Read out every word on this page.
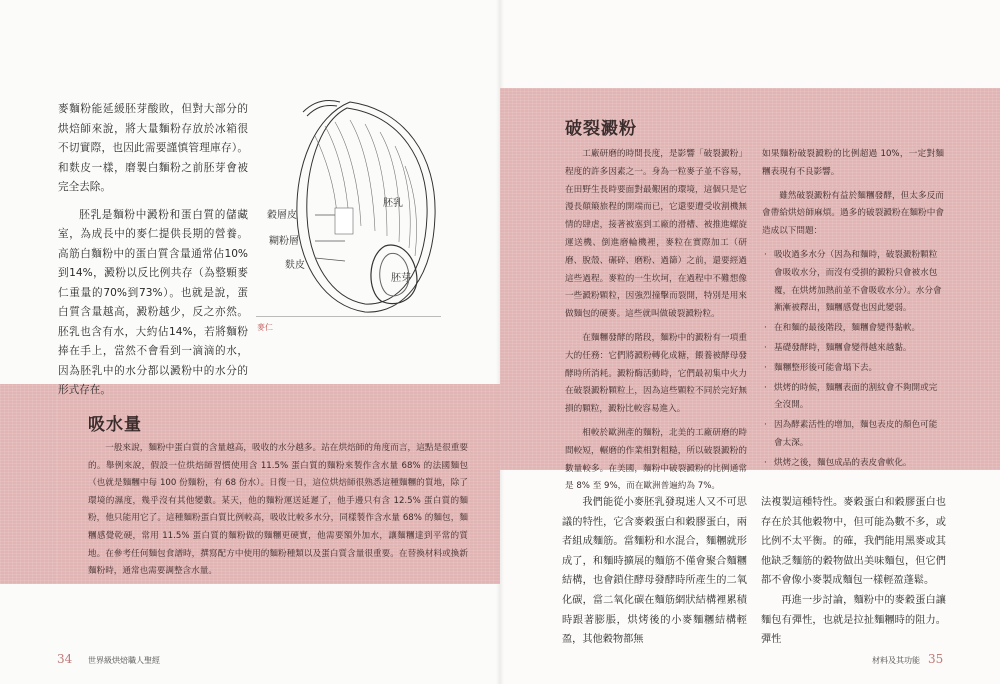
麥麵粉能延緩胚芽酸敗，但對大部分的烘焙師來說，將大量麵粉存放於冰箱很不切實際，也因此需要謹慎管理庫存）。和麩皮一樣，磨製白麵粉之前胚芽會被完全去除。

胚乳是麵粉中澱粉和蛋白質的儲藏室，為成長中的麥仁提供長期的營養。高筋白麵粉中的蛋白質含量通常佔10%到14%，澱粉以反比例共存（為整顆麥仁重量的70%到73%）。也就是說，蛋白質含量越高，澱粉越少，反之亦然。胚乳也含有水，大約佔14%，若將麵粉捧在手上，當然不會看到一滴滴的水，因為胚乳中的水分都以澱粉中的水分的形式存在。

穀層皮
糊粉層
麩皮
胚乳
胚芽
麥仁
吸水量

一般來說，麵粉中蛋白質的含量越高，吸收的水分越多。站在烘焙師的角度而言，這點是很重要的。舉例來說，假設一位烘焙師習慣使用含 11.5% 蛋白質的麵粉來製作含水量 68% 的法國麵包（也就是麵糰中每 100 份麵粉，有 68 份水）。日復一日，這位烘焙師很熟悉這種麵糰的質地，除了環境的濕度，幾乎沒有其他變數。某天，他的麵粉運送延遲了，他手邊只有含 12.5% 蛋白質的麵粉，他只能用它了。這種麵粉蛋白質比例較高，吸收比較多水分，同樣製作含水量 68% 的麵包，麵糰感覺乾硬，常用 11.5% 蛋白質的麵粉做的麵糰更硬實，他需要額外加水，讓麵糰達到平常的質地。在參考任何麵包食譜時，撰寫配方中使用的麵粉種類以及蛋白質含量很重要。在替換材料或換新麵粉時，通常也需要調整含水量。

破裂澱粉

工廠研磨的時間長度，是影響「破裂澱粉」程度的許多因素之一。身為一粒麥子並不容易，在田野生長時要面對最艱困的環境，這個只是它漫長顛簸旅程的開端而已，它還要遭受收割機無情的肆虐，接著被塞到工廠的滑槽、被推進螺旋運送機、倒進磨輪機裡，麥粒在實際加工（研磨、脫殼、碾碎、磨粉、過篩）之前，還要經過這些過程。麥粒的一生坎坷，在過程中不難想像一些澱粉顆粒，因強烈撞擊而裂開，特別是用來做麵包的硬麥。這些就叫做破裂澱粉粒。

在麵糰發酵的階段，麵粉中的澱粉有一項重大的任務：它們將澱粉轉化成糖，餵養被酵母發酵時所消耗。澱粉酶活動時，它們最初集中火力在破裂澱粉顆粒上，因為這些顆粒不同於完好無損的顆粒，澱粉比較容易進入。

相較於歐洲產的麵粉，北美的工廠研磨的時間較短，輾磨的作業相對粗糙，所以破裂澱粉的數量較多。在美國，麵粉中破裂澱粉的比例通常是 8% 至 9%，而在歐洲普遍約為 7%。

如果麵粉破裂澱粉的比例超過 10%，一定對麵糰表現有不良影響。

雖然破裂澱粉有益於麵糰發酵，但太多反而會帶給烘焙師麻煩。過多的破裂澱粉在麵粉中會造成以下問題：

· 吸收過多水分（因為和麵時，破裂澱粉顆粒會吸收水分，而沒有受損的澱粉只會被水包覆，在烘烤加熱前並不會吸收水分）。水分會漸漸被釋出，麵糰感覺也因此變弱。
· 在和麵的最後階段，麵糰會變得黏軟。
· 基礎發酵時，麵糰會變得越來越黏。
· 麵糰整形後可能會塌下去。
· 烘烤的時候，麵糰表面的割紋會不夠開或完全沒開。
· 因為酵素活性的增加，麵包表皮的顏色可能會太深。
· 烘烤之後，麵包成品的表皮會軟化。

我們能從小麥胚乳發現迷人又不可思議的特性，它含麥穀蛋白和穀膠蛋白，兩者組成麵筋。當麵粉和水混合，麵糰就形成了，和麵時擴展的麵筋不僅會聚合麵糰結構，也會鎖住酵母發酵時所產生的二氧化碳，當二氧化碳在麵筋網狀結構裡累積時跟著膨脹，烘烤後的小麥麵糰結構輕盈，其他穀物都無

法複製這種特性。麥穀蛋白和穀膠蛋白也存在於其他穀物中，但可能為數不多，或比例不太平衡。的確，我們能用黑麥或其他缺乏麵筋的穀物做出美味麵包，但它們都不會像小麥製成麵包一樣輕盈蓬鬆。

再進一步討論，麵粉中的麥穀蛋白讓麵包有彈性，也就是拉扯麵糰時的阻力。彈性

34 世界級烘焙職人聖經	材料及其功能 35
